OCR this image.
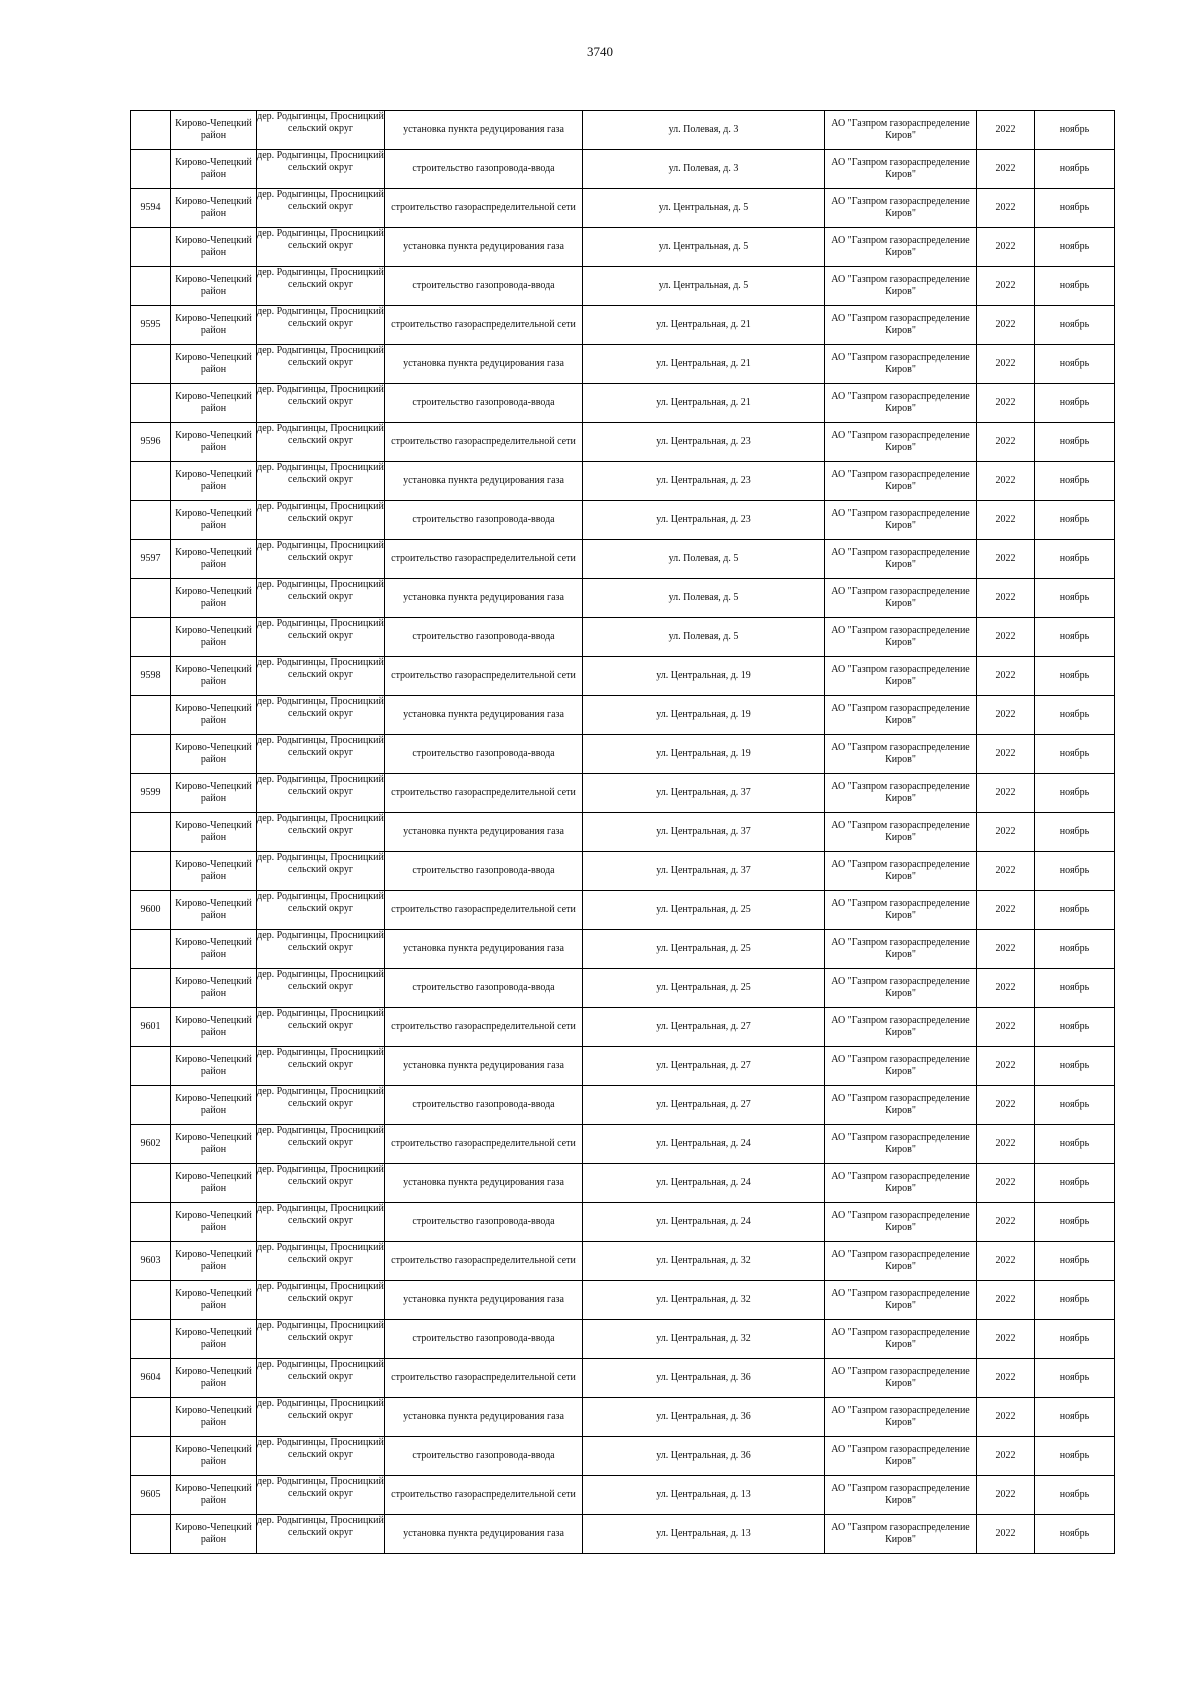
3740
	Кирово-Чепецкий район	дер. Родыгинцы, Просницкий сельский округ	установка пункта редуцирования газа	ул. Полевая, д. 3	АО "Газпром газораспределение Киров"	2022	ноябрь
	Кирово-Чепецкий район	дер. Родыгинцы, Просницкий сельский округ	строительство газопровода-ввода	ул. Полевая, д. 3	АО "Газпром газораспределение Киров"	2022	ноябрь
9594	Кирово-Чепецкий район	дер. Родыгинцы, Просницкий сельский округ	строительство газораспределительной сети	ул. Центральная, д. 5	АО "Газпром газораспределение Киров"	2022	ноябрь
	Кирово-Чепецкий район	дер. Родыгинцы, Просницкий сельский округ	установка пункта редуцирования газа	ул. Центральная, д. 5	АО "Газпром газораспределение Киров"	2022	ноябрь
	Кирово-Чепецкий район	дер. Родыгинцы, Просницкий сельский округ	строительство газопровода-ввода	ул. Центральная, д. 5	АО "Газпром газораспределение Киров"	2022	ноябрь
9595	Кирово-Чепецкий район	дер. Родыгинцы, Просницкий сельский округ	строительство газораспределительной сети	ул. Центральная, д. 21	АО "Газпром газораспределение Киров"	2022	ноябрь
	Кирово-Чепецкий район	дер. Родыгинцы, Просницкий сельский округ	установка пункта редуцирования газа	ул. Центральная, д. 21	АО "Газпром газораспределение Киров"	2022	ноябрь
	Кирово-Чепецкий район	дер. Родыгинцы, Просницкий сельский округ	строительство газопровода-ввода	ул. Центральная, д. 21	АО "Газпром газораспределение Киров"	2022	ноябрь
9596	Кирово-Чепецкий район	дер. Родыгинцы, Просницкий сельский округ	строительство газораспределительной сети	ул. Центральная, д. 23	АО "Газпром газораспределение Киров"	2022	ноябрь
	Кирово-Чепецкий район	дер. Родыгинцы, Просницкий сельский округ	установка пункта редуцирования газа	ул. Центральная, д. 23	АО "Газпром газораспределение Киров"	2022	ноябрь
	Кирово-Чепецкий район	дер. Родыгинцы, Просницкий сельский округ	строительство газопровода-ввода	ул. Центральная, д. 23	АО "Газпром газораспределение Киров"	2022	ноябрь
9597	Кирово-Чепецкий район	дер. Родыгинцы, Просницкий сельский округ	строительство газораспределительной сети	ул. Полевая, д. 5	АО "Газпром газораспределение Киров"	2022	ноябрь
	Кирово-Чепецкий район	дер. Родыгинцы, Просницкий сельский округ	установка пункта редуцирования газа	ул. Полевая, д. 5	АО "Газпром газораспределение Киров"	2022	ноябрь
	Кирово-Чепецкий район	дер. Родыгинцы, Просницкий сельский округ	строительство газопровода-ввода	ул. Полевая, д. 5	АО "Газпром газораспределение Киров"	2022	ноябрь
9598	Кирово-Чепецкий район	дер. Родыгинцы, Просницкий сельский округ	строительство газораспределительной сети	ул. Центральная, д. 19	АО "Газпром газораспределение Киров"	2022	ноябрь
	Кирово-Чепецкий район	дер. Родыгинцы, Просницкий сельский округ	установка пункта редуцирования газа	ул. Центральная, д. 19	АО "Газпром газораспределение Киров"	2022	ноябрь
	Кирово-Чепецкий район	дер. Родыгинцы, Просницкий сельский округ	строительство газопровода-ввода	ул. Центральная, д. 19	АО "Газпром газораспределение Киров"	2022	ноябрь
9599	Кирово-Чепецкий район	дер. Родыгинцы, Просницкий сельский округ	строительство газораспределительной сети	ул. Центральная, д. 37	АО "Газпром газораспределение Киров"	2022	ноябрь
	Кирово-Чепецкий район	дер. Родыгинцы, Просницкий сельский округ	установка пункта редуцирования газа	ул. Центральная, д. 37	АО "Газпром газораспределение Киров"	2022	ноябрь
	Кирово-Чепецкий район	дер. Родыгинцы, Просницкий сельский округ	строительство газопровода-ввода	ул. Центральная, д. 37	АО "Газпром газораспределение Киров"	2022	ноябрь
9600	Кирово-Чепецкий район	дер. Родыгинцы, Просницкий сельский округ	строительство газораспределительной сети	ул. Центральная, д. 25	АО "Газпром газораспределение Киров"	2022	ноябрь
	Кирово-Чепецкий район	дер. Родыгинцы, Просницкий сельский округ	установка пункта редуцирования газа	ул. Центральная, д. 25	АО "Газпром газораспределение Киров"	2022	ноябрь
	Кирово-Чепецкий район	дер. Родыгинцы, Просницкий сельский округ	строительство газопровода-ввода	ул. Центральная, д. 25	АО "Газпром газораспределение Киров"	2022	ноябрь
9601	Кирово-Чепецкий район	дер. Родыгинцы, Просницкий сельский округ	строительство газораспределительной сети	ул. Центральная, д. 27	АО "Газпром газораспределение Киров"	2022	ноябрь
	Кирово-Чепецкий район	дер. Родыгинцы, Просницкий сельский округ	установка пункта редуцирования газа	ул. Центральная, д. 27	АО "Газпром газораспределение Киров"	2022	ноябрь
	Кирово-Чепецкий район	дер. Родыгинцы, Просницкий сельский округ	строительство газопровода-ввода	ул. Центральная, д. 27	АО "Газпром газораспределение Киров"	2022	ноябрь
9602	Кирово-Чепецкий район	дер. Родыгинцы, Просницкий сельский округ	строительство газораспределительной сети	ул. Центральная, д. 24	АО "Газпром газораспределение Киров"	2022	ноябрь
	Кирово-Чепецкий район	дер. Родыгинцы, Просницкий сельский округ	установка пункта редуцирования газа	ул. Центральная, д. 24	АО "Газпром газораспределение Киров"	2022	ноябрь
	Кирово-Чепецкий район	дер. Родыгинцы, Просницкий сельский округ	строительство газопровода-ввода	ул. Центральная, д. 24	АО "Газпром газораспределение Киров"	2022	ноябрь
9603	Кирово-Чепецкий район	дер. Родыгинцы, Просницкий сельский округ	строительство газораспределительной сети	ул. Центральная, д. 32	АО "Газпром газораспределение Киров"	2022	ноябрь
	Кирово-Чепецкий район	дер. Родыгинцы, Просницкий сельский округ	установка пункта редуцирования газа	ул. Центральная, д. 32	АО "Газпром газораспределение Киров"	2022	ноябрь
	Кирово-Чепецкий район	дер. Родыгинцы, Просницкий сельский округ	строительство газопровода-ввода	ул. Центральная, д. 32	АО "Газпром газораспределение Киров"	2022	ноябрь
9604	Кирово-Чепецкий район	дер. Родыгинцы, Просницкий сельский округ	строительство газораспределительной сети	ул. Центральная, д. 36	АО "Газпром газораспределение Киров"	2022	ноябрь
	Кирово-Чепецкий район	дер. Родыгинцы, Просницкий сельский округ	установка пункта редуцирования газа	ул. Центральная, д. 36	АО "Газпром газораспределение Киров"	2022	ноябрь
	Кирово-Чепецкий район	дер. Родыгинцы, Просницкий сельский округ	строительство газопровода-ввода	ул. Центральная, д. 36	АО "Газпром газораспределение Киров"	2022	ноябрь
9605	Кирово-Чепецкий район	дер. Родыгинцы, Просницкий сельский округ	строительство газораспределительной сети	ул. Центральная, д. 13	АО "Газпром газораспределение Киров"	2022	ноябрь
	Кирово-Чепецкий район	дер. Родыгинцы, Просницкий сельский округ	установка пункта редуцирования газа	ул. Центральная, д. 13	АО "Газпром газораспределение Киров"	2022	ноябрь
